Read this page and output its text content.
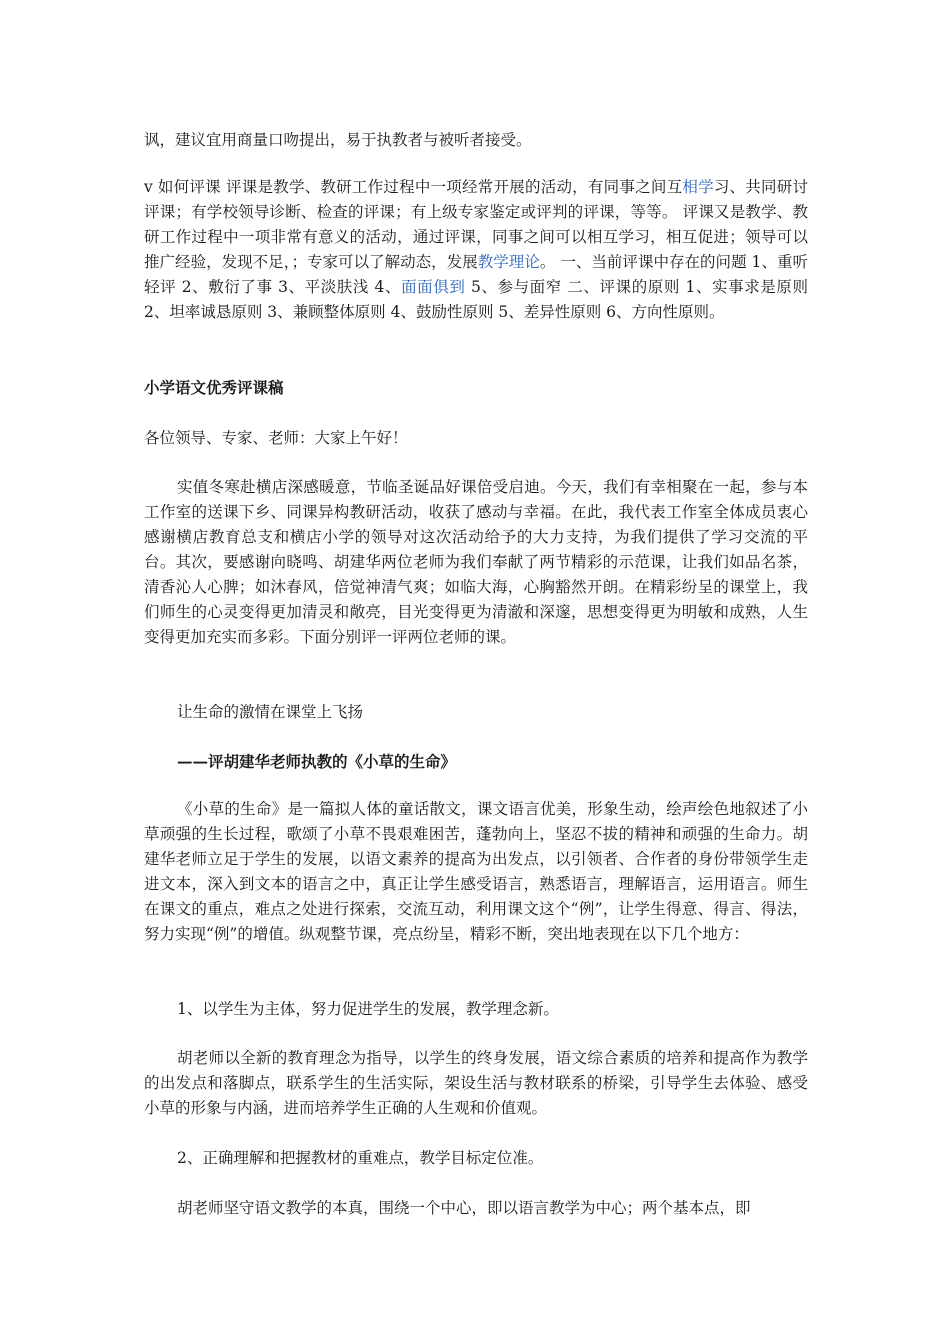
讽，建议宜用商量口吻提出，易于执教者与被听者接受。

v 如何评课 评课是教学、教研工作过程中一项经常开展的活动，有同事之间互相学习、共同研讨评课；有学校领导诊断、检查的评课；有上级专家鉴定或评判的评课，等等。 评课又是教学、教研工作过程中一项非常有意义的活动，通过评课，同事之间可以相互学习，相互促进；领导可以推广经验，发现不足，；专家可以了解动态，发展教学理论。 一、当前评课中存在的问题 1、重听轻评 2、敷衍了事 3、平淡肤浅 4、面面俱到 5、参与面窄 二、评课的原则 1、实事求是原则 2、坦率诚恳原则 3、兼顾整体原则 4、鼓励性原则 5、差异性原则 6、方向性原则。

小学语文优秀评课稿

各位领导、专家、老师：大家上午好！

实值冬寒赴横店深感暖意，节临圣诞品好课倍受启迪。今天，我们有幸相聚在一起，参与本工作室的送课下乡、同课异构教研活动，收获了感动与幸福。在此，我代表工作室全体成员衷心感谢横店教育总支和横店小学的领导对这次活动给予的大力支持，为我们提供了学习交流的平台。其次，要感谢向晓鸣、胡建华两位老师为我们奉献了两节精彩的示范课，让我们如品名茶，清香沁人心脾；如沐春风，倍觉神清气爽；如临大海，心胸豁然开朗。在精彩纷呈的课堂上，我们师生的心灵变得更加清灵和敞亮，目光变得更为清澈和深邃，思想变得更为明敏和成熟，人生变得更加充实而多彩。下面分别评一评两位老师的课。

让生命的激情在课堂上飞扬

——评胡建华老师执教的《小草的生命》

《小草的生命》是一篇拟人体的童话散文，课文语言优美，形象生动，绘声绘色地叙述了小草顽强的生长过程，歌颂了小草不畏艰难困苦，蓬勃向上，坚忍不拔的精神和顽强的生命力。胡建华老师立足于学生的发展，以语文素养的提高为出发点，以引领者、合作者的身份带领学生走进文本，深入到文本的语言之中，真正让学生感受语言，熟悉语言，理解语言，运用语言。师生在课文的重点，难点之处进行探索，交流互动，利用课文这个“例”，让学生得意、得言、得法，努力实现“例”的增值。纵观整节课，亮点纷呈，精彩不断，突出地表现在以下几个地方：

1、以学生为主体，努力促进学生的发展，教学理念新。

胡老师以全新的教育理念为指导，以学生的终身发展，语文综合素质的培养和提高作为教学的出发点和落脚点，联系学生的生活实际，架设生活与教材联系的桥梁，引导学生去体验、感受小草的形象与内涵，进而培养学生正确的人生观和价值观。

2、正确理解和把握教材的重难点，教学目标定位准。

胡老师坚守语文教学的本真，围绕一个中心，即以语言教学为中心；两个基本点，即
